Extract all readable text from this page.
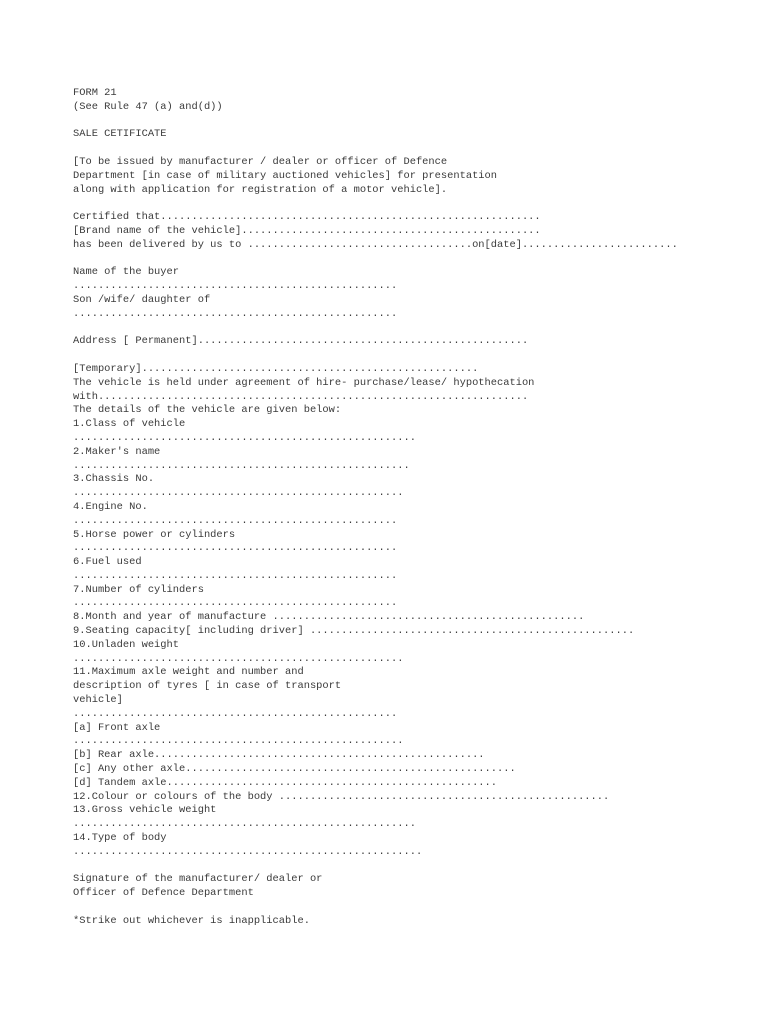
FORM 21
(See Rule 47 (a) and(d))
SALE CETIFICATE
[To be issued by manufacturer / dealer or officer of Defence
Department [in case of military auctioned vehicles] for presentation
along with application for registration of a motor vehicle].
Certified that.............................................................
[Brand name of the vehicle]................................................
has been delivered by us to ....................................on[date].........................
Name of the buyer
....................................................
Son /wife/ daughter of
....................................................
Address [ Permanent].....................................................
[Temporary]......................................................
The vehicle is held under agreement of hire- purchase/lease/ hypothecation
with.....................................................................
The details of the vehicle are given below:
1.Class of vehicle
.......................................................
2.Maker's name
......................................................
3.Chassis No.
.....................................................
4.Engine No.
....................................................
5.Horse power or cylinders
....................................................
6.Fuel used
....................................................
7.Number of cylinders
....................................................
8.Month and year of manufacture ..................................................
9.Seating capacity[ including driver] ....................................................
10.Unladen weight
.....................................................
11.Maximum axle weight and number and
description of tyres [ in case of transport
vehicle]
....................................................
[a] Front axle
.....................................................
[b] Rear axle.....................................................
[c] Any other axle.....................................................
[d] Tandem axle.....................................................
12.Colour or colours of the body .....................................................
13.Gross vehicle weight
.......................................................
14.Type of body
........................................................
Signature of the manufacturer/ dealer or
Officer of Defence Department
*Strike out whichever is inapplicable.
